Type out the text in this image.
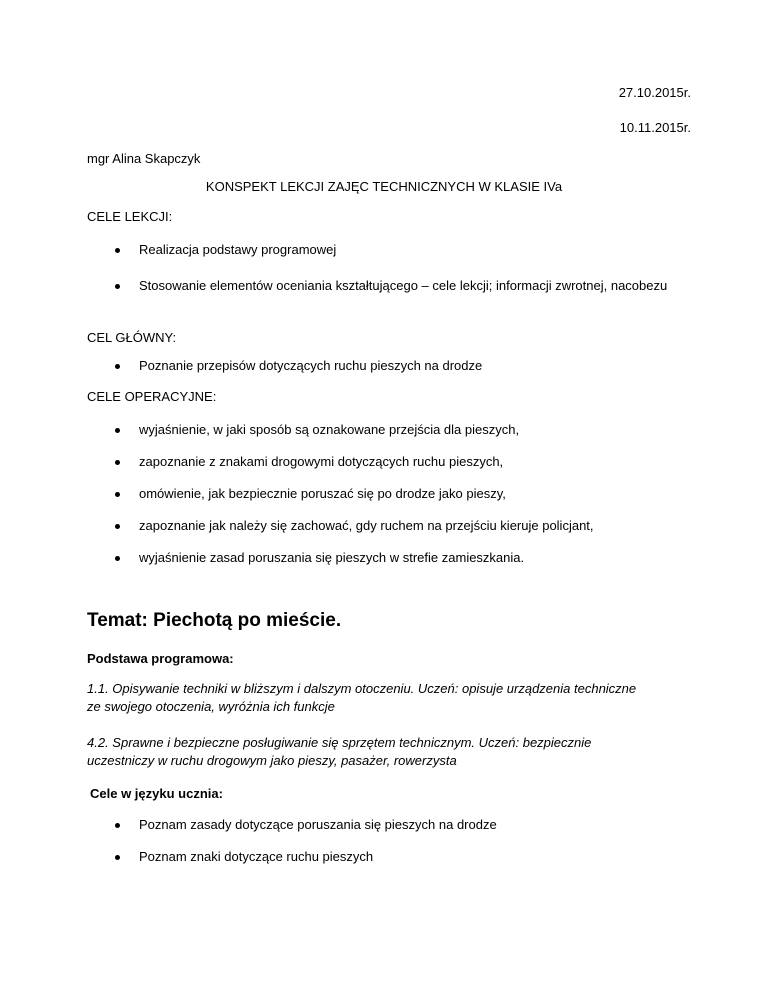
27.10.2015r.
10.11.2015r.
mgr Alina Skapczyk
KONSPEKT LEKCJI ZAJĘC TECHNICZNYCH W KLASIE IVa
CELE LEKCJI:
Realizacja podstawy programowej
Stosowanie elementów oceniania kształtującego – cele lekcji; informacji zwrotnej, nacobezu
CEL GŁÓWNY:
Poznanie przepisów dotyczących ruchu pieszych na drodze
CELE OPERACYJNE:
wyjaśnienie, w jaki sposób są oznakowane przejścia dla pieszych,
zapoznanie z znakami drogowymi dotyczących ruchu pieszych,
omówienie, jak bezpiecznie poruszać się po drodze jako pieszy,
zapoznanie jak należy się zachować, gdy ruchem na przejściu kieruje policjant,
wyjaśnienie zasad poruszania się pieszych w strefie zamieszkania.
Temat: Piechotą po mieście.
Podstawa programowa:
1.1. Opisywanie techniki w bliższym i dalszym otoczeniu. Uczeń: opisuje urządzenia techniczne ze swojego otoczenia, wyróżnia ich funkcje
4.2. Sprawne i bezpieczne posługiwanie się sprzętem technicznym. Uczeń: bezpiecznie uczestniczy w ruchu drogowym jako pieszy, pasażer, rowerzysta
Cele w języku ucznia:
Poznam zasady dotyczące poruszania się pieszych na drodze
Poznam znaki dotyczące ruchu pieszych
